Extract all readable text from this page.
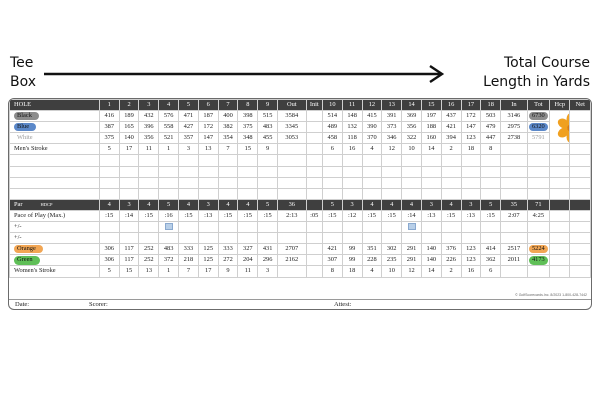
Tee
Box
Total Course
Length in Yards
HOLE	1	2	3	4	5	6	7	8	9	Out	Init	10	11	12	13	14	15	16	17	18	In	Tot	Hcp	Net
Black	416	189	432	576	471	187	400	398	515	3584		514	148	415	391	369	197	437	172	503	3146	6730	

Blue	387	165	396	558	427	172	382	375	483	3345		489	132	390	373	356	188	421	147	479	2975	6320		
White	375	140	356	521	357	147	354	348	455	3053		458	118	370	346	322	160	394	123	447	2738	5791		
Men's Stroke	5	17	11	1	3	13	7	15	9			6	16	4	12	10	14	2	18	8				

Par HDCP	4	3	4	5	4	3	4	4	5	36		5	3	4	4	4	3	4	3	5	35	71		
Pace of Play (Max.)	:15	:14	:15	:16	:15	:13	:15	:15	:15	2:13	:05	:15	:12	:15	:15	:14	:13	:15	:13	:15	2:07	4:25		
+/-																								
+/-																								
Orange	306	117	252	483	333	125	333	327	431	2707		421	99	351	302	291	140	376	123	414	2517	5224		
Green	306	117	252	372	218	125	272	204	296	2162		307	99	228	235	291	140	226	123	362	2011	4173		
Women's Stroke	5	15	13	1	7	17	9	11	3			8	18	4	10	12	14	2	16	6				
Date:	Scorer:	Attest:
© GolfScorecards.Inc. 8/2023 1-800-428-7442
